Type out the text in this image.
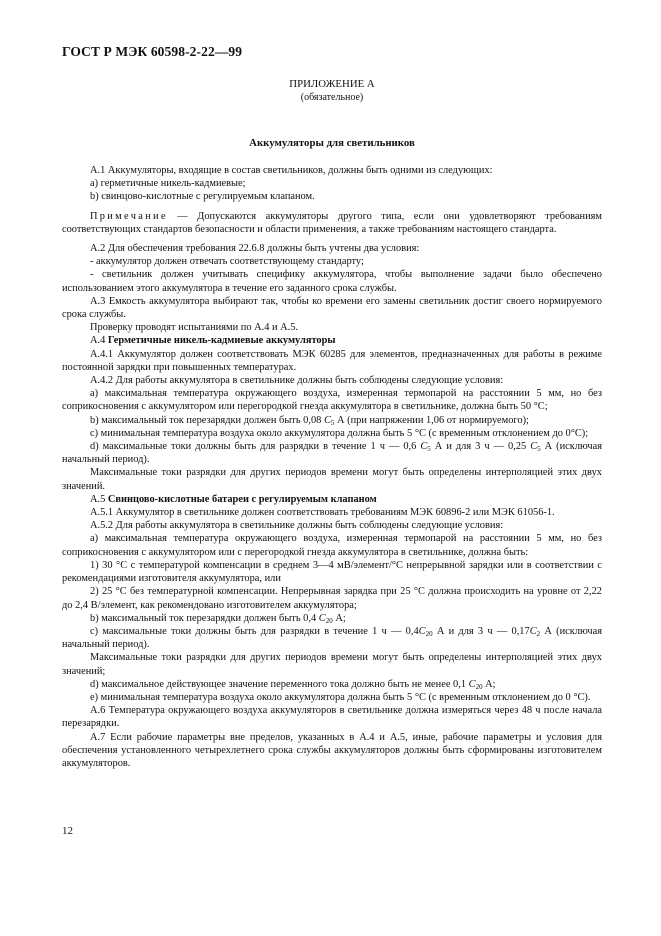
ГОСТ Р МЭК 60598-2-22—99
ПРИЛОЖЕНИЕ А
(обязательное)
Аккумуляторы для светильников

А.1 Аккумуляторы, входящие в состав светильников, должны быть одними из следующих:

а) герметичные никель-кадмиевые;

b) свинцово-кислотные с регулируемым клапаном.

Примечание — Допускаются аккумуляторы другого типа, если они удовлетворяют требованиям соответствующих стандартов безопасности и области применения, а также требованиям настоящего стандарта.

А.2 Для обеспечения требования 22.6.8 должны быть учтены два условия:

- аккумулятор должен отвечать соответствующему стандарту;

- светильник должен учитывать специфику аккумулятора, чтобы выполнение задачи было обеспечено использованием этого аккумулятора в течение его заданного срока службы.

А.3 Емкость аккумулятора выбирают так, чтобы ко времени его замены светильник достиг своего нормируемого срока службы.

Проверку проводят испытаниями по А.4 и А.5.

А.4 Герметичные никель-кадмиевые аккумуляторы

А.4.1 Аккумулятор должен соответствовать МЭК 60285 для элементов, предназначенных для работы в режиме постоянной зарядки при повышенных температурах.

А.4.2 Для работы аккумулятора в светильнике должны быть соблюдены следующие условия:

а) максимальная температура окружающего воздуха, измеренная термопарой на расстоянии 5 мм, но без соприкосновения с аккумулятором или перегородкой гнезда аккумулятора в светильнике, должна быть 50 °С;

b) максимальный ток перезарядки должен быть 0,08 $C_5$ А (при напряжении 1,06 от нормируемого);

с) минимальная температура воздуха около аккумулятора должна быть 5 °С (с временным отклонением до 0°С);

d) максимальные токи должны быть для разрядки в течение 1 ч — 0,6 $C_5$ А и для 3 ч — 0,25 $C_5$ А (исключая начальный период).

Максимальные токи разрядки для других периодов времени могут быть определены интерполяцией этих двух значений.

А.5 Свинцово-кислотные батареи с регулируемым клапаном

А.5.1 Аккумулятор в светильнике должен соответствовать требованиям МЭК 60896-2 или МЭК 61056-1.

А.5.2 Для работы аккумулятора в светильнике должны быть соблюдены следующие условия:

а) максимальная температура окружающего воздуха, измеренная термопарой на расстоянии 5 мм, но без соприкосновения с аккумулятором или с перегородкой гнезда аккумулятора в светильнике, должна быть:

1) 30 °С с температурой компенсации в среднем 3—4 мВ/элемент/°С непрерывной зарядки или в соответствии с рекомендациями изготовителя аккумулятора, или

2) 25 °С без температурной компенсации. Непрерывная зарядка при 25 °С должна происходить на уровне от 2,22 до 2,4 В/элемент, как рекомендовано изготовителем аккумулятора;

b) максимальный ток перезарядки должен быть 0,4 $C_{20}$ А;

с) максимальные токи должны быть для разрядки в течение 1 ч — $0,4C_{20}$ А и для 3 ч — $0,17C_2$ А (исключая начальный период).

Максимальные токи разрядки для других периодов времени могут быть определены интерполяцией этих двух значений;

d) максимальное действующее значение переменного тока должно быть не менее 0,1 $C_{20}$ А;

е) минимальная температура воздуха около аккумулятора должна быть 5 °С (с временным отклонением до 0 °С).

А.6 Температура окружающего воздуха аккумуляторов в светильнике должна измеряться через 48 ч после начала перезарядки.

А.7 Если рабочие параметры вне пределов, указанных в А.4 и А.5, иные, рабочие параметры и условия для обеспечения установленного четырехлетнего срока службы аккумуляторов должны быть сформированы изготовителем аккумуляторов.

12
